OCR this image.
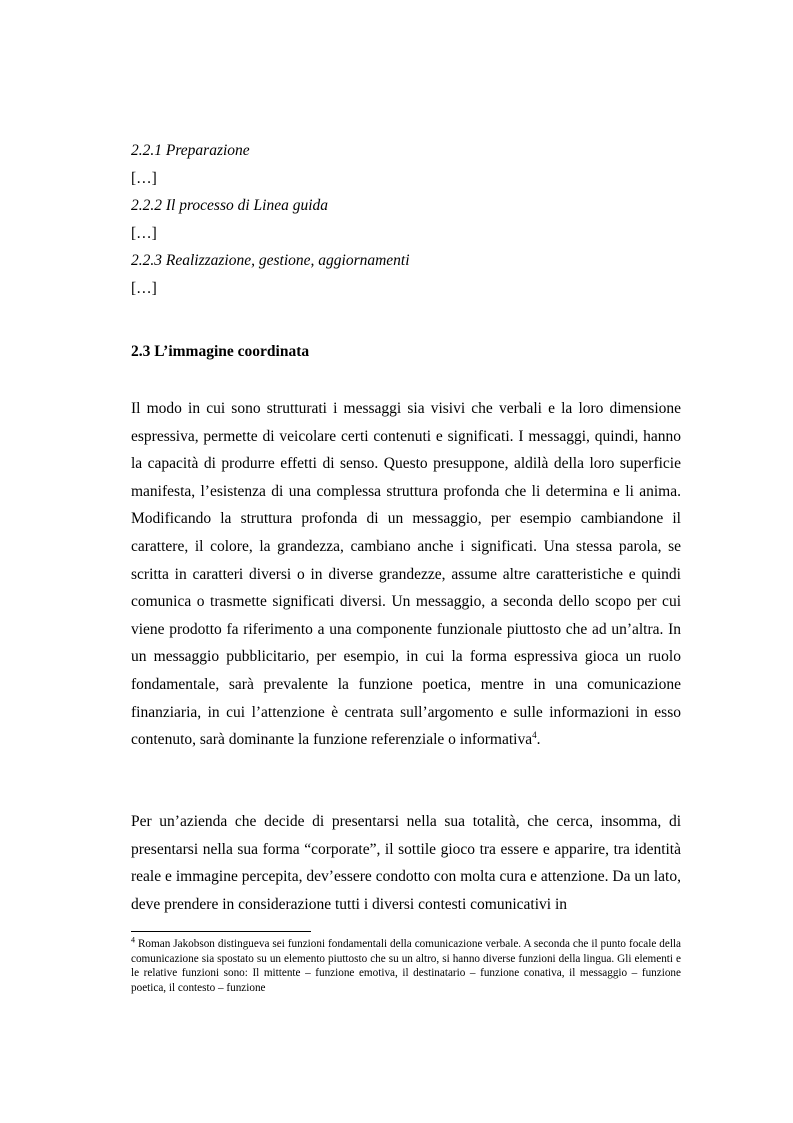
2.2.1 Preparazione
[…]
2.2.2 Il processo di Linea guida
[…]
2.2.3 Realizzazione, gestione, aggiornamenti
[…]
2.3 L’immagine coordinata

Il modo in cui sono strutturati i messaggi sia visivi che verbali e la loro dimensione espressiva, permette di veicolare certi contenuti e significati. I messaggi, quindi, hanno la capacità di produrre effetti di senso. Questo presuppone, aldilà della loro superficie manifesta, l’esistenza di una complessa struttura profonda che li determina e li anima. Modificando la struttura profonda di un messaggio, per esempio cambiandone il carattere, il colore, la grandezza, cambiano anche i significati. Una stessa parola, se scritta in caratteri diversi o in diverse grandezze, assume altre caratteristiche e quindi comunica o trasmette significati diversi. Un messaggio, a seconda dello scopo per cui viene prodotto fa riferimento a una componente funzionale piuttosto che ad un’altra. In un messaggio pubblicitario, per esempio, in cui la forma espressiva gioca un ruolo fondamentale, sarà prevalente la funzione poetica, mentre in una comunicazione finanziaria, in cui l’attenzione è centrata sull’argomento e sulle informazioni in esso contenuto, sarà dominante la funzione referenziale o informativa$^4$.

Per un’azienda che decide di presentarsi nella sua totalità, che cerca, insomma, di presentarsi nella sua forma “corporate”, il sottile gioco tra essere e apparire, tra identità reale e immagine percepita, dev’essere condotto con molta cura e attenzione. Da un lato, deve prendere in considerazione tutti i diversi contesti comunicativi in

$^4$ Roman Jakobson distingueva sei funzioni fondamentali della comunicazione verbale. A seconda che il punto focale della comunicazione sia spostato su un elemento piuttosto che su un altro, si hanno diverse funzioni della lingua. Gli elementi e le relative funzioni sono: Il mittente – funzione emotiva, il destinatario – funzione conativa, il messaggio – funzione poetica, il contesto – funzione
